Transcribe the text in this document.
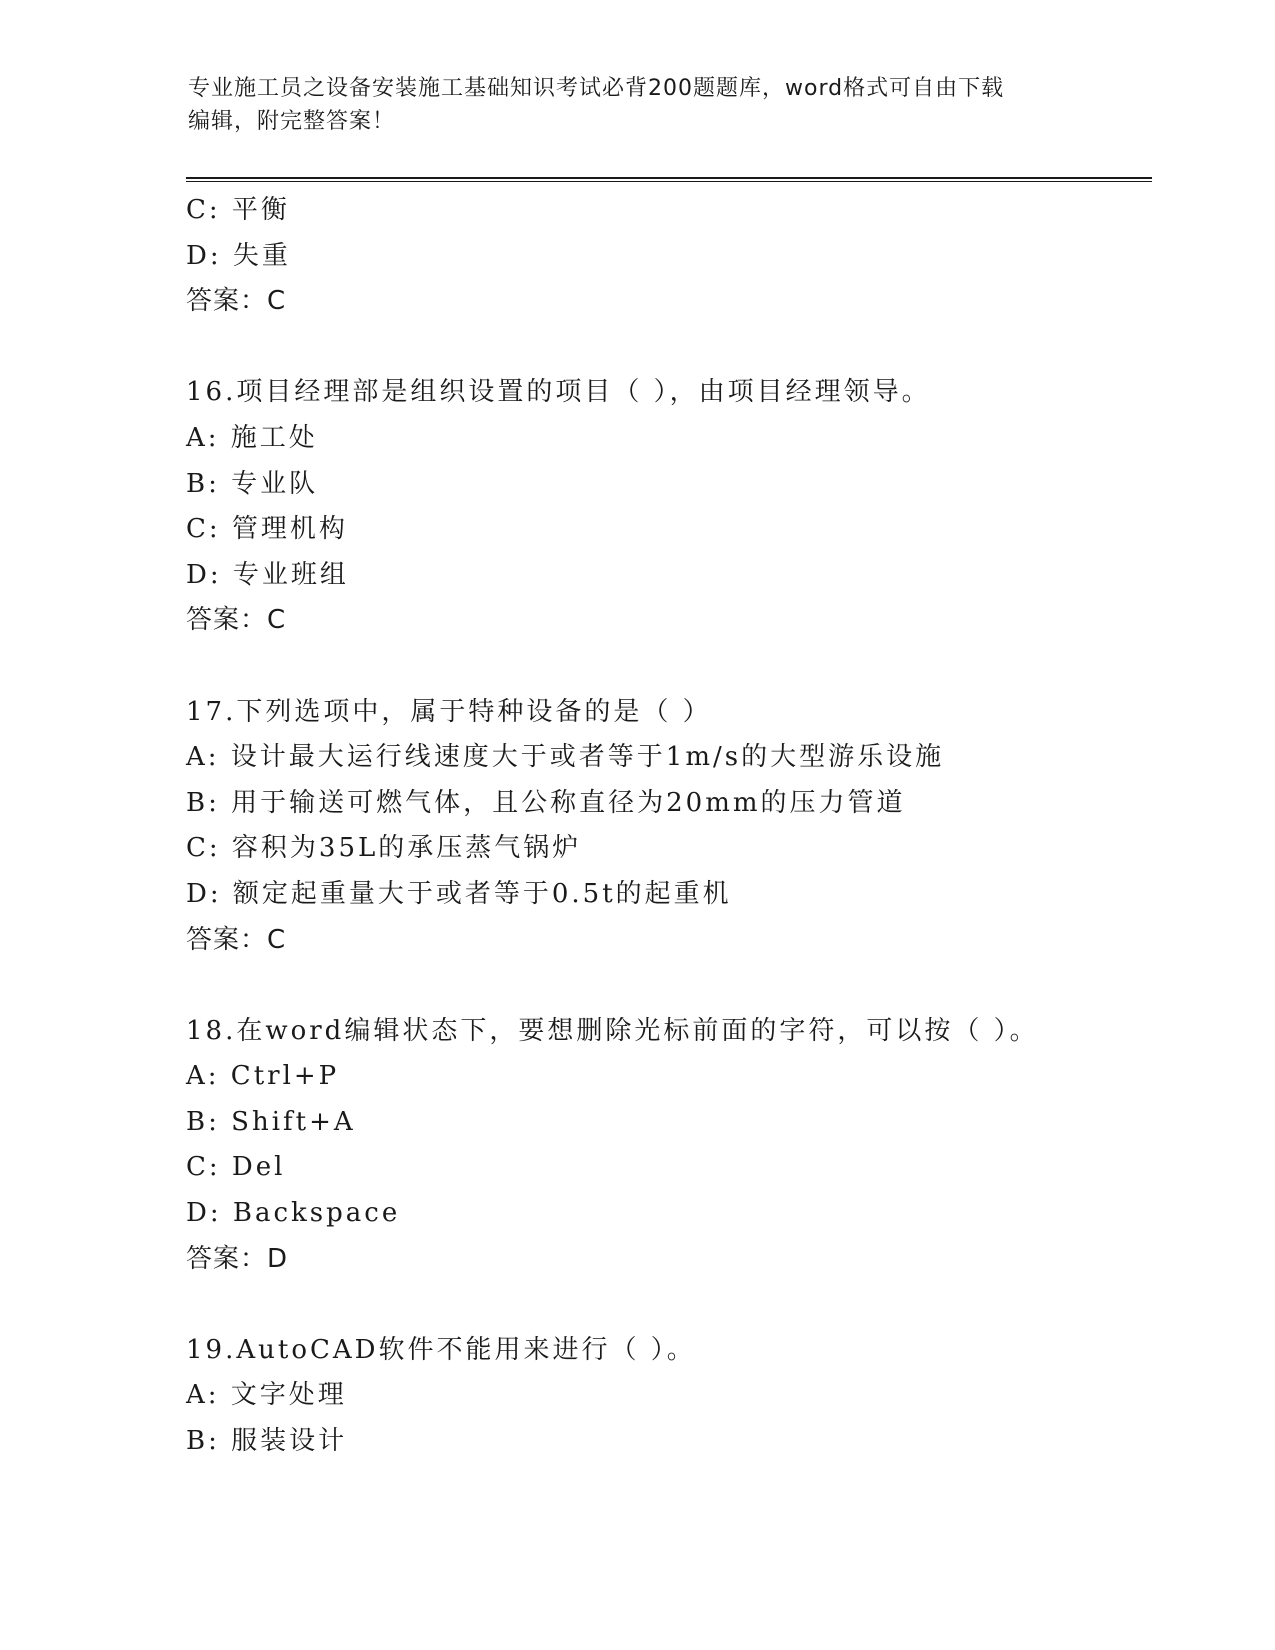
专业施工员之设备安装施工基础知识考试必背200题题库，word格式可自由下载
编辑，附完整答案！
C: 平衡
D: 失重
答案：C
16.项目经理部是组织设置的项目（ ），由项目经理领导。
A: 施工处
B: 专业队
C: 管理机构
D: 专业班组
答案：C
17.下列选项中，属于特种设备的是（ ）
A: 设计最大运行线速度大于或者等于1m/s的大型游乐设施
B: 用于输送可燃气体，且公称直径为20mm的压力管道
C: 容积为35L的承压蒸气锅炉
D: 额定起重量大于或者等于0.5t的起重机
答案：C
18.在word编辑状态下，要想删除光标前面的字符，可以按（ ）。
A: Ctrl+P
B: Shift+A
C: Del
D: Backspace
答案：D
19.AutoCAD软件不能用来进行（ ）。
A: 文字处理
B: 服装设计
